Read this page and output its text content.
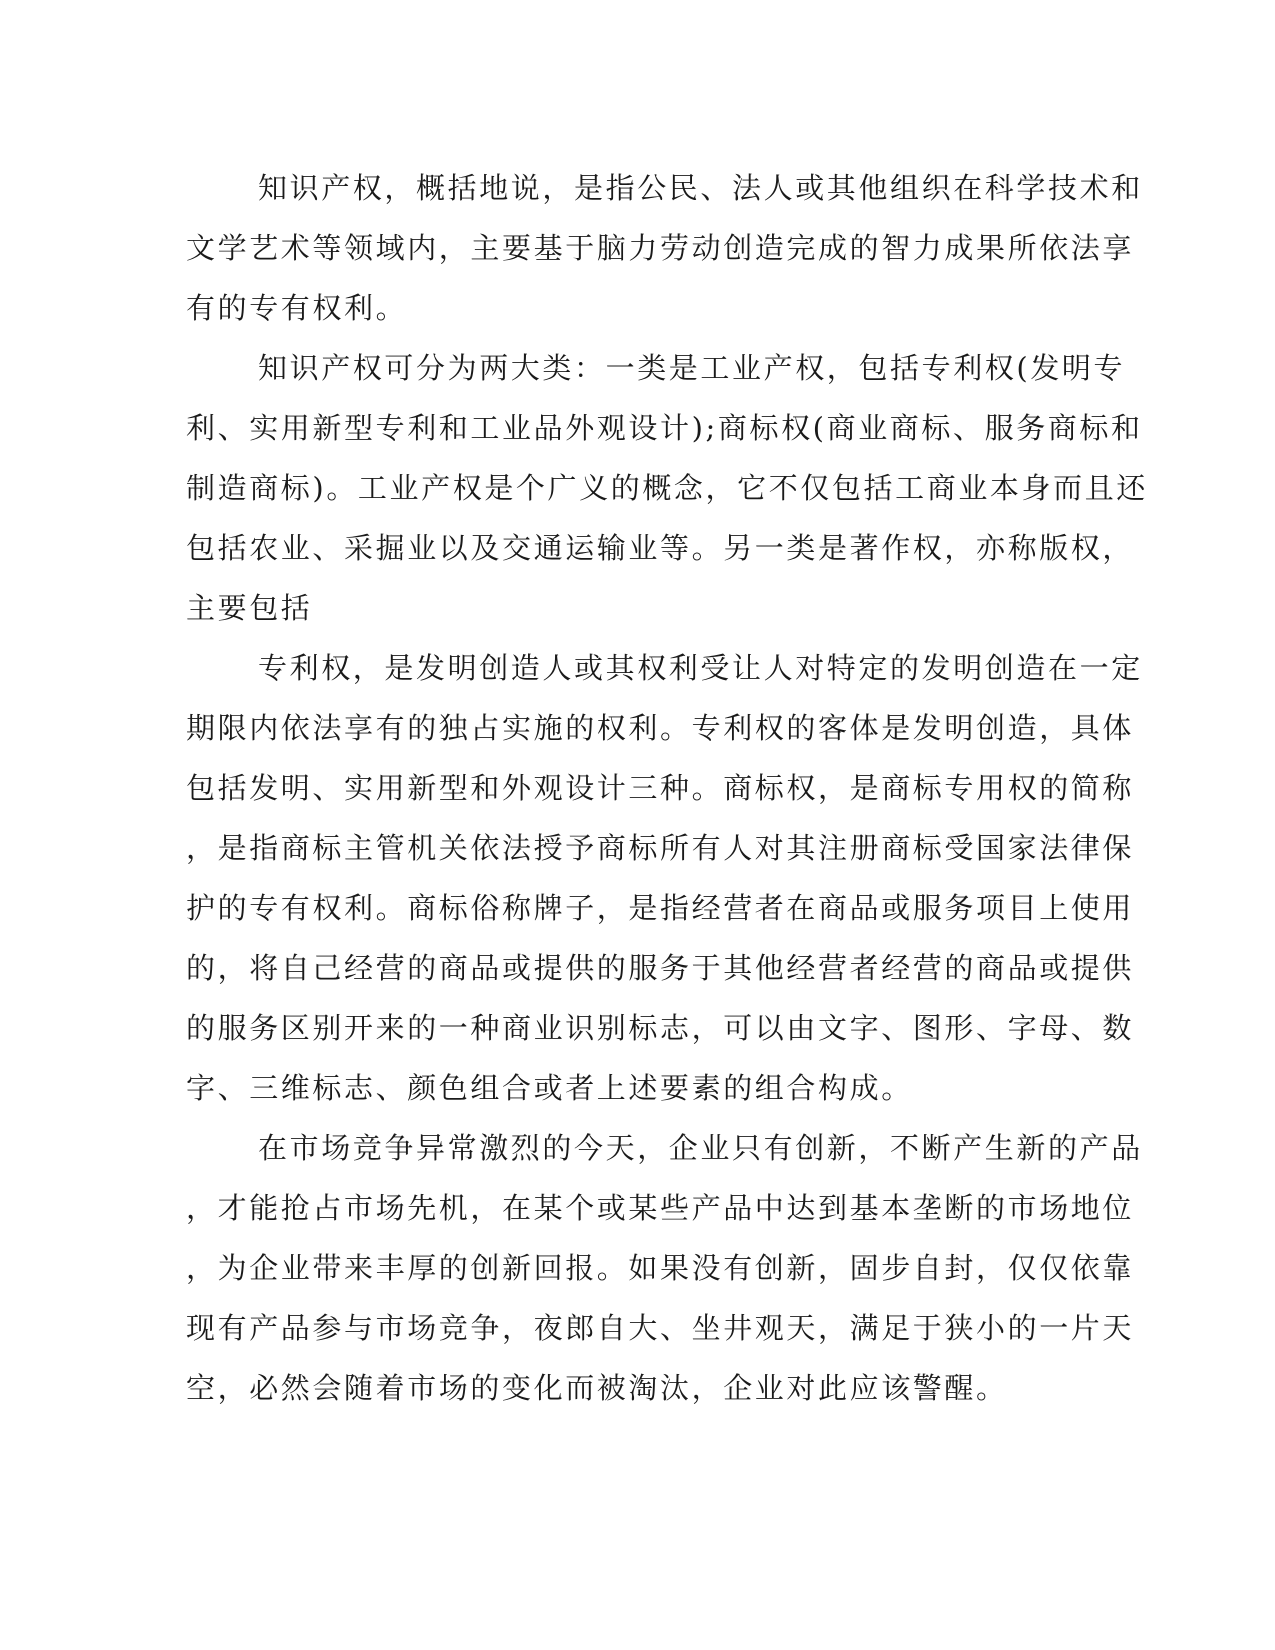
知识产权，概括地说，是指公民、法人或其他组织在科学技术和
文学艺术等领域内，主要基于脑力劳动创造完成的智力成果所依法享
有的专有权利。
知识产权可分为两大类：一类是工业产权，包括专利权(发明专
利、实用新型专利和工业品外观设计);商标权(商业商标、服务商标和
制造商标)。工业产权是个广义的概念，它不仅包括工商业本身而且还
包括农业、采掘业以及交通运输业等。另一类是著作权，亦称版权，
主要包括
专利权，是发明创造人或其权利受让人对特定的发明创造在一定
期限内依法享有的独占实施的权利。专利权的客体是发明创造，具体
包括发明、实用新型和外观设计三种。商标权，是商标专用权的简称
，是指商标主管机关依法授予商标所有人对其注册商标受国家法律保
护的专有权利。商标俗称牌子，是指经营者在商品或服务项目上使用
的，将自己经营的商品或提供的服务于其他经营者经营的商品或提供
的服务区别开来的一种商业识别标志，可以由文字、图形、字母、数
字、三维标志、颜色组合或者上述要素的组合构成。
在市场竞争异常激烈的今天，企业只有创新，不断产生新的产品
，才能抢占市场先机，在某个或某些产品中达到基本垄断的市场地位
，为企业带来丰厚的创新回报。如果没有创新，固步自封，仅仅依靠
现有产品参与市场竞争，夜郎自大、坐井观天，满足于狭小的一片天
空，必然会随着市场的变化而被淘汰，企业对此应该警醒。
